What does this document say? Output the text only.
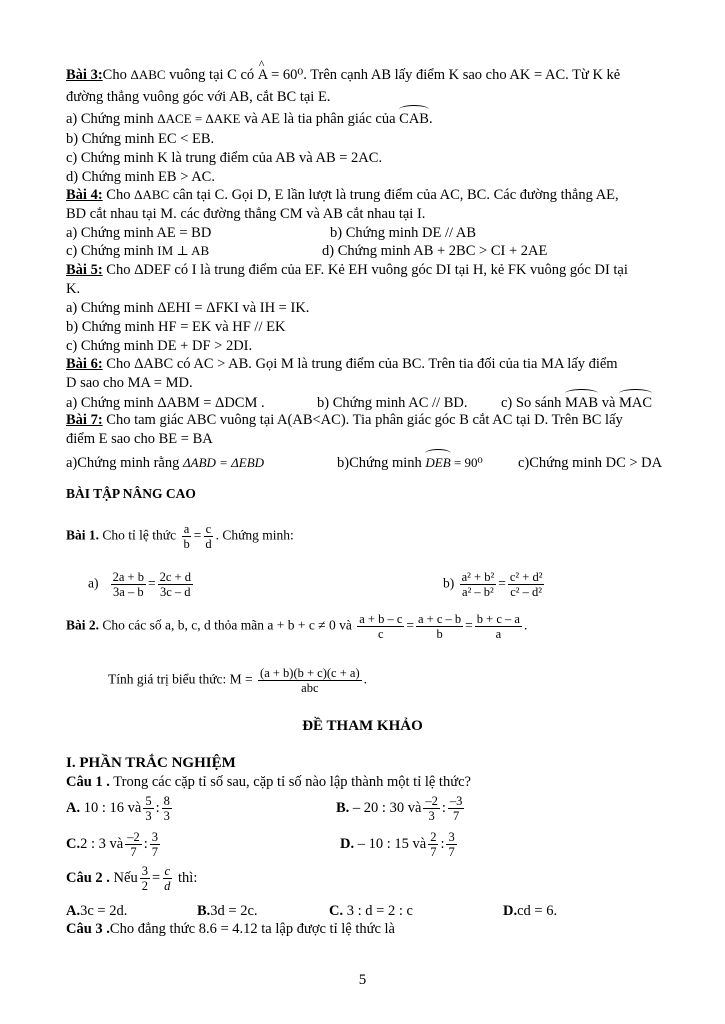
Bài 3:Cho ΔABC vuông tại C có ^ A = 60⁰. Trên cạnh AB lấy điểm K sao cho AK = AC. Từ K kẻ
đường thẳng vuông góc với AB, cắt BC tại E.
a) Chứng minh ΔACE = ΔAKE và AE là tia phân giác của CAB.
b) Chứng minh EC < EB.
c) Chứng minh K là trung điểm của AB và AB = 2AC.
d) Chứng minh EB > AC.
Bài 4: Cho ΔABC cân tại C. Gọi D, E lần lượt là trung điểm của AC, BC. Các đường thẳng AE,
BD cắt nhau tại M. các đường thẳng CM và AB cắt nhau tại I.
a) Chứng minh AE = BD	b) Chứng minh DE // AB
c) Chứng minh IM ⊥ AB	d) Chứng minh AB + 2BC > CI + 2AE
Bài 5: Cho ΔDEF có I là trung điểm của EF. Kẻ EH vuông góc DI tại H, kẻ FK vuông góc DI tại
K.
a) Chứng minh ΔEHI = ΔFKI và IH = IK.
b) Chứng minh HF = EK và HF // EK
c) Chứng minh DE + DF > 2DI.
Bài 6: Cho ΔABC có AC > AB. Gọi M là trung điểm của BC. Trên tia đối của tia MA lấy điểm
D sao cho MA = MD.
a) Chứng minh ΔABM = ΔDCM .	b) Chứng minh AC // BD. c) So sánh MAB và MAC
Bài 7: Cho tam giác ABC vuông tại A(AB<AC). Tia phân giác góc B cắt AC tại D. Trên BC lấy
điểm E sao cho BE = BA
a)Chứng minh rằng ΔABD = ΔEBD	b)Chứng minh DEB = 90⁰ c)Chứng minh DC > DA
BÀI TẬP NÂNG CAO
Bài 1. Cho tỉ lệ thức $\frac{a}{b} = \frac{c}{d}$ . Chứng minh:
$a) \frac{2a + b}{3a - b} = \frac{2c + d}{3c - d}$	$b) \frac{\text{a² + b²}}{\text{a² – b²}} = \frac{\text{c² + d²}}{\text{c² – d²}}$
Bài 2. Cho các số a, b, c, d thỏa mãn a + b + c ≠ 0 và $\frac{a + b - c}{c} = \frac{a + c - b}{b} = \frac{b + c - a}{a}$ .
Tính giá trị biểu thức: $M = \frac{(a + b)(b + c)(c + a)}{\text{abc}}$ .
ĐỀ THAM KHẢO
I. PHẦN TRẮC NGHIỆM
Câu 1 . Trong các cặp tỉ số sau, cặp tỉ số nào lập thành một tỉ lệ thức?
A. 10 : 16 và $\frac{5}{3}$ : $\frac{8}{3}$	B. – 20 : 30 và $\frac{-2}{3}$ : $\frac{-3}{7}$
C.2 : 3 và $\frac{-2}{7}$ : $\frac{3}{7}$	D. – 10 : 15 và $\frac{2}{7}$ : $\frac{3}{7}$
Câu 2 . Nếu $\frac{3}{2} = \frac{c}{d}$ thì:
A.3c = 2d.	B.3d = 2c.	C. 3 : d = 2 : c	D.cd = 6.
Câu 3 .Cho đẳng thức 8.6 = 4.12 ta lập được tỉ lệ thức là
5
